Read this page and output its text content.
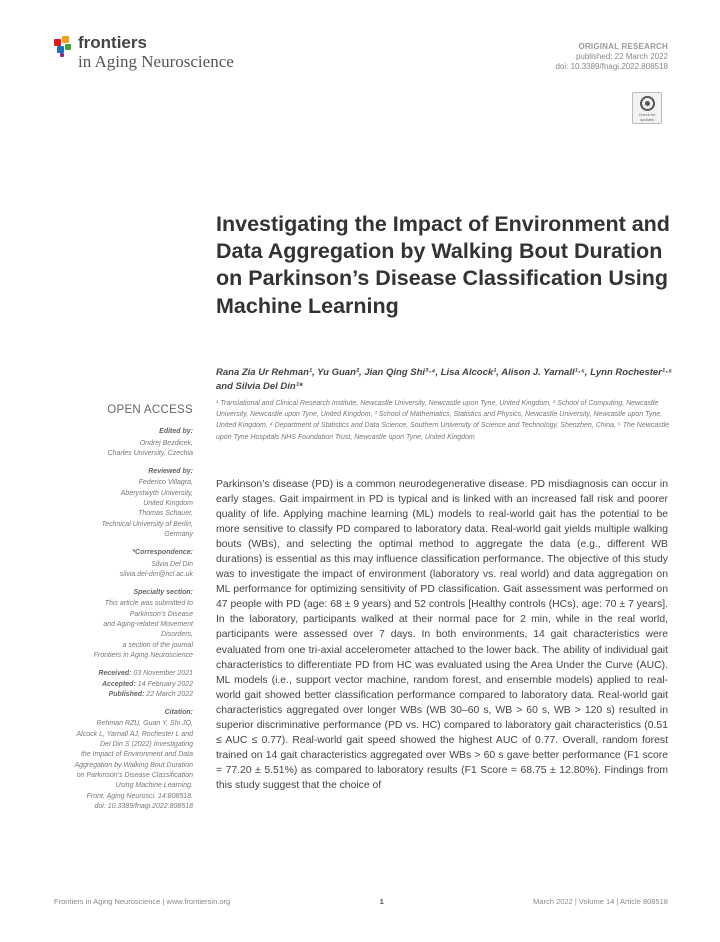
frontiers
in Aging Neuroscience
ORIGINAL RESEARCH
published: 22 March 2022
doi: 10.3389/fnagi.2022.808518
Check for updates
Investigating the Impact of Environment and Data Aggregation by Walking Bout Duration on Parkinson’s Disease Classification Using Machine Learning
Rana Zia Ur Rehman¹, Yu Guan², Jian Qing Shi³·⁴, Lisa Alcock¹, Alison J. Yarnall¹·⁵, Lynn Rochester¹·⁵ and Silvia Del Din¹*
¹ Translational and Clinical Research Institute, Newcastle University, Newcastle upon Tyne, United Kingdom, ² School of Computing, Newcastle University, Newcastle upon Tyne, United Kingdom, ³ School of Mathematics, Statistics and Physics, Newcastle University, Newcastle upon Tyne, United Kingdom, ⁴ Department of Statistics and Data Science, Southern University of Science and Technology, Shenzhen, China, ⁵ The Newcastle upon Tyne Hospitals NHS Foundation Trust, Newcastle upon Tyne, United Kingdom
Parkinson’s disease (PD) is a common neurodegenerative disease. PD misdiagnosis can occur in early stages. Gait impairment in PD is typical and is linked with an increased fall risk and poorer quality of life. Applying machine learning (ML) models to real-world gait has the potential to be more sensitive to classify PD compared to laboratory data. Real-world gait yields multiple walking bouts (WBs), and selecting the optimal method to aggregate the data (e.g., different WB durations) is essential as this may influence classification performance. The objective of this study was to investigate the impact of environment (laboratory vs. real world) and data aggregation on ML performance for optimizing sensitivity of PD classification. Gait assessment was performed on 47 people with PD (age: 68 ± 9 years) and 52 controls [Healthy controls (HCs), age: 70 ± 7 years]. In the laboratory, participants walked at their normal pace for 2 min, while in the real world, participants were assessed over 7 days. In both environments, 14 gait characteristics were evaluated from one tri-axial accelerometer attached to the lower back. The ability of individual gait characteristics to differentiate PD from HC was evaluated using the Area Under the Curve (AUC). ML models (i.e., support vector machine, random forest, and ensemble models) applied to real-world gait showed better classification performance compared to laboratory data. Real-world gait characteristics aggregated over longer WBs (WB 30–60 s, WB > 60 s, WB > 120 s) resulted in superior discriminative performance (PD vs. HC) compared to laboratory gait characteristics (0.51 ≤ AUC ≤ 0.77). Real-world gait speed showed the highest AUC of 0.77. Overall, random forest trained on 14 gait characteristics aggregated over WBs > 60 s gave better performance (F1 score = 77.20 ± 5.51%) as compared to laboratory results (F1 Score = 68.75 ± 12.80%). Findings from this study suggest that the choice of
OPEN ACCESS
Edited by:
Ondrej Bezdicek,
Charles University, Czechia
Reviewed by:
Federico Villagra,
Aberystwyth University,
United Kingdom
Thomas Schauer,
Technical University of Berlin,
Germany
*Correspondence:
Silvia Del Din
silvia.del-din@ncl.ac.uk
Specialty section:
This article was submitted to
Parkinson’s Disease
and Aging-related Movement
Disorders,
a section of the journal
Frontiers in Aging Neuroscience
Received: 03 November 2021
Accepted: 14 February 2022
Published: 22 March 2022
Citation:
Rehman RZU, Guan Y, Shi JQ,
Alcock L, Yarnall AJ, Rochester L and
Del Din S (2022) Investigating
the Impact of Environment and Data
Aggregation by Walking Bout Duration
on Parkinson’s Disease Classification
Using Machine Learning.
Front. Aging Neurosci. 14:808518.
doi: 10.3389/fnagi.2022.808518
Frontiers in Aging Neuroscience | www.frontiersin.org	1	March 2022 | Volume 14 | Article 808518
